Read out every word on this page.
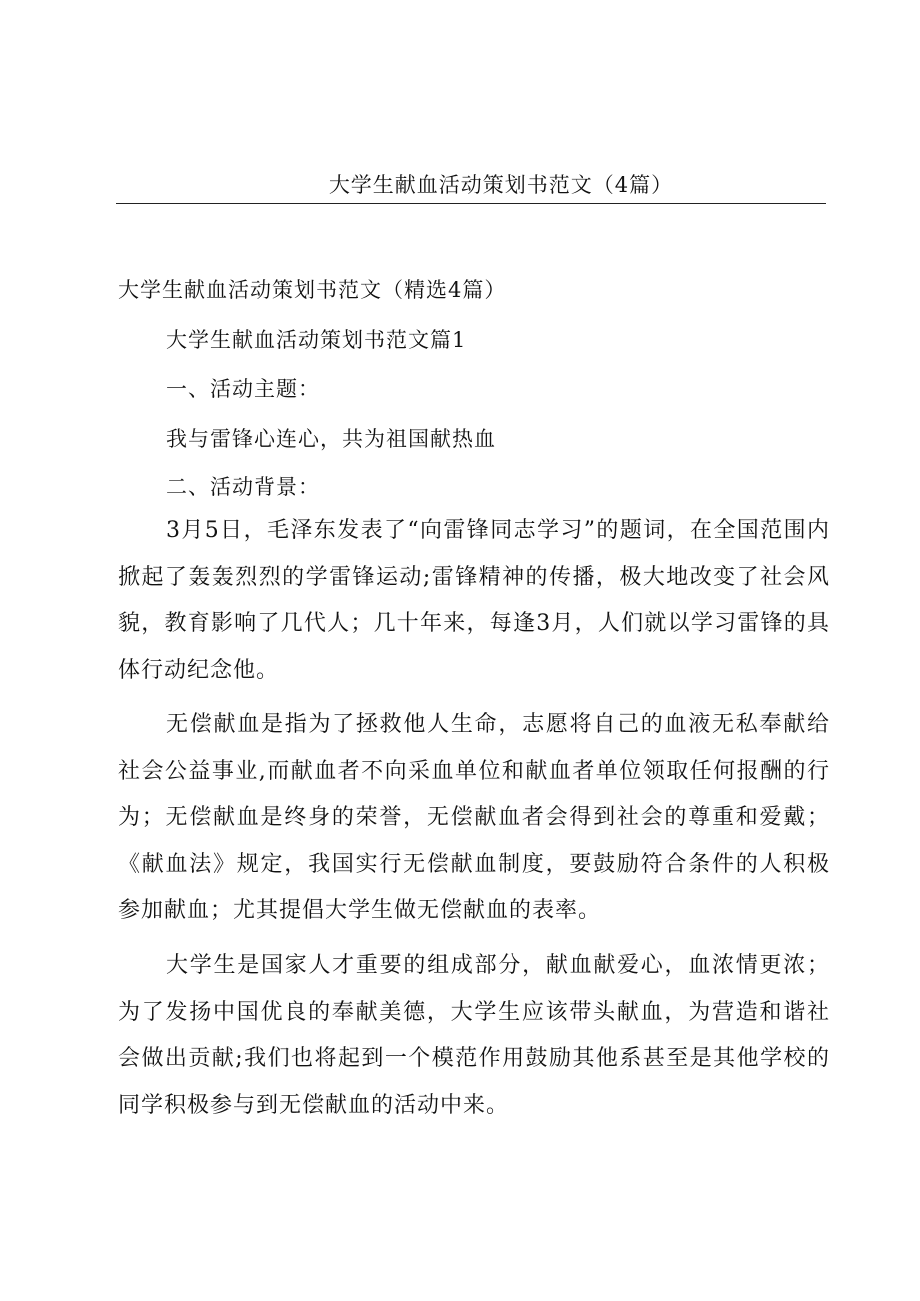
大学生献血活动策划书范文（4篇）
大学生献血活动策划书范文（精选4篇）
大学生献血活动策划书范文篇1
一、活动主题：
我与雷锋心连心，共为祖国献热血
二、活动背景：

3月5日，毛泽东发表了“向雷锋同志学习”的题词，在全国范围内掀起了轰轰烈烈的学雷锋运动;雷锋精神的传播，极大地改变了社会风貌，教育影响了几代人；几十年来，每逢3月，人们就以学习雷锋的具体行动纪念他。

无偿献血是指为了拯救他人生命，志愿将自己的血液无私奉献给社会公益事业,而献血者不向采血单位和献血者单位领取任何报酬的行为；无偿献血是终身的荣誉，无偿献血者会得到社会的尊重和爱戴；《献血法》规定，我国实行无偿献血制度，要鼓励符合条件的人积极参加献血；尤其提倡大学生做无偿献血的表率。

大学生是国家人才重要的组成部分，献血献爱心，血浓情更浓；为了发扬中国优良的奉献美德，大学生应该带头献血，为营造和谐社会做出贡献;我们也将起到一个模范作用鼓励其他系甚至是其他学校的同学积极参与到无偿献血的活动中来。
